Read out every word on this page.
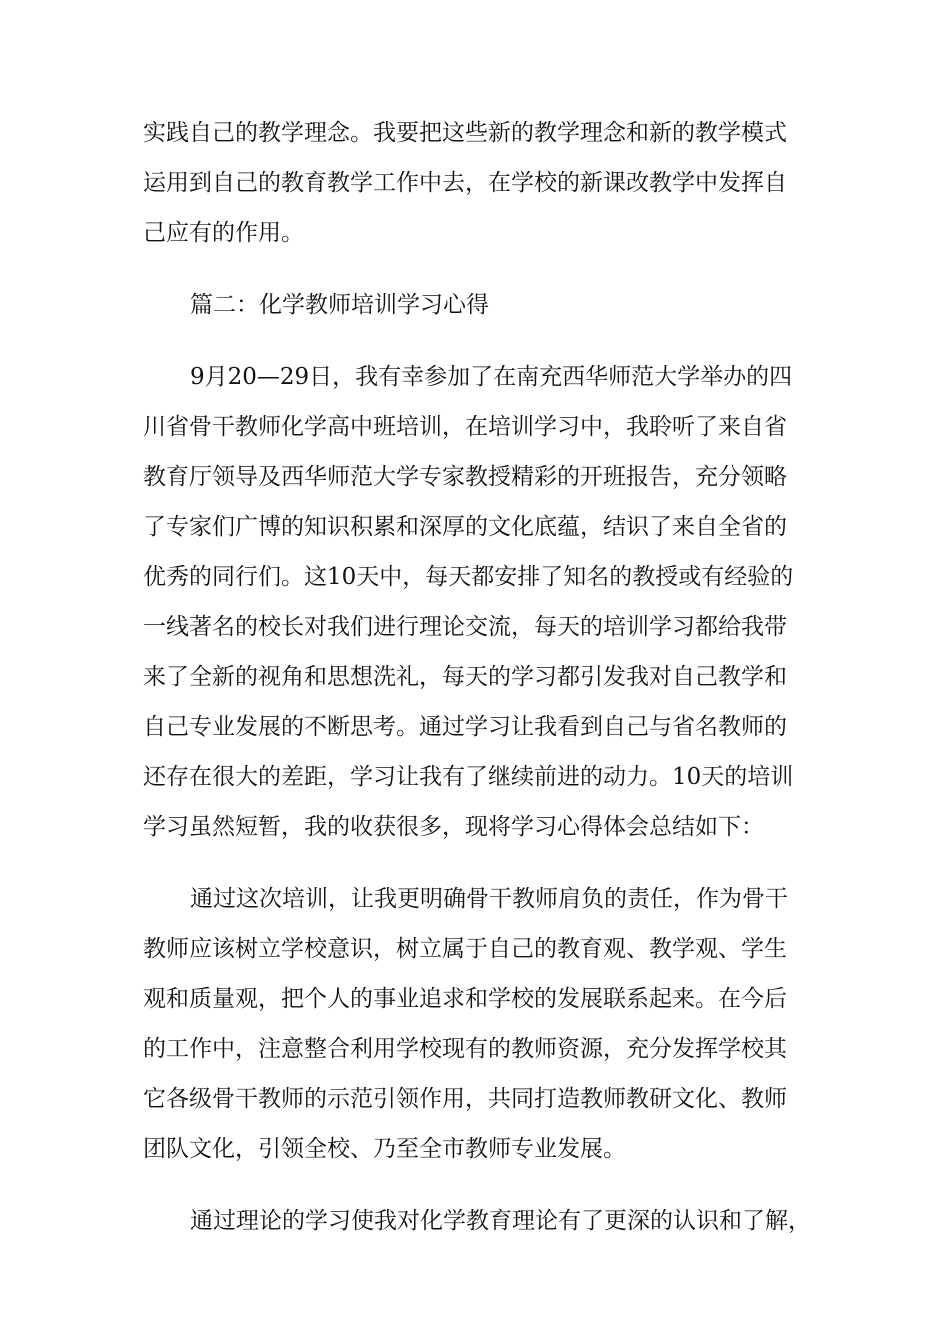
实践自己的教学理念。我要把这些新的教学理念和新的教学模式
运用到自己的教育教学工作中去，在学校的新课改教学中发挥自
己应有的作用。
篇二：化学教师培训学习心得
9月20—29日，我有幸参加了在南充西华师范大学举办的四
川省骨干教师化学高中班培训，在培训学习中，我聆听了来自省
教育厅领导及西华师范大学专家教授精彩的开班报告，充分领略
了专家们广博的知识积累和深厚的文化底蕴，结识了来自全省的
优秀的同行们。这10天中，每天都安排了知名的教授或有经验的
一线著名的校长对我们进行理论交流，每天的培训学习都给我带
来了全新的视角和思想洗礼，每天的学习都引发我对自己教学和
自己专业发展的不断思考。通过学习让我看到自己与省名教师的
还存在很大的差距，学习让我有了继续前进的动力。10天的培训
学习虽然短暂，我的收获很多，现将学习心得体会总结如下：
通过这次培训，让我更明确骨干教师肩负的责任，作为骨干
教师应该树立学校意识，树立属于自己的教育观、教学观、学生
观和质量观，把个人的事业追求和学校的发展联系起来。在今后
的工作中，注意整合利用学校现有的教师资源，充分发挥学校其
它各级骨干教师的示范引领作用，共同打造教师教研文化、教师
团队文化，引领全校、乃至全市教师专业发展。
通过理论的学习使我对化学教育理论有了更深的认识和了解，
